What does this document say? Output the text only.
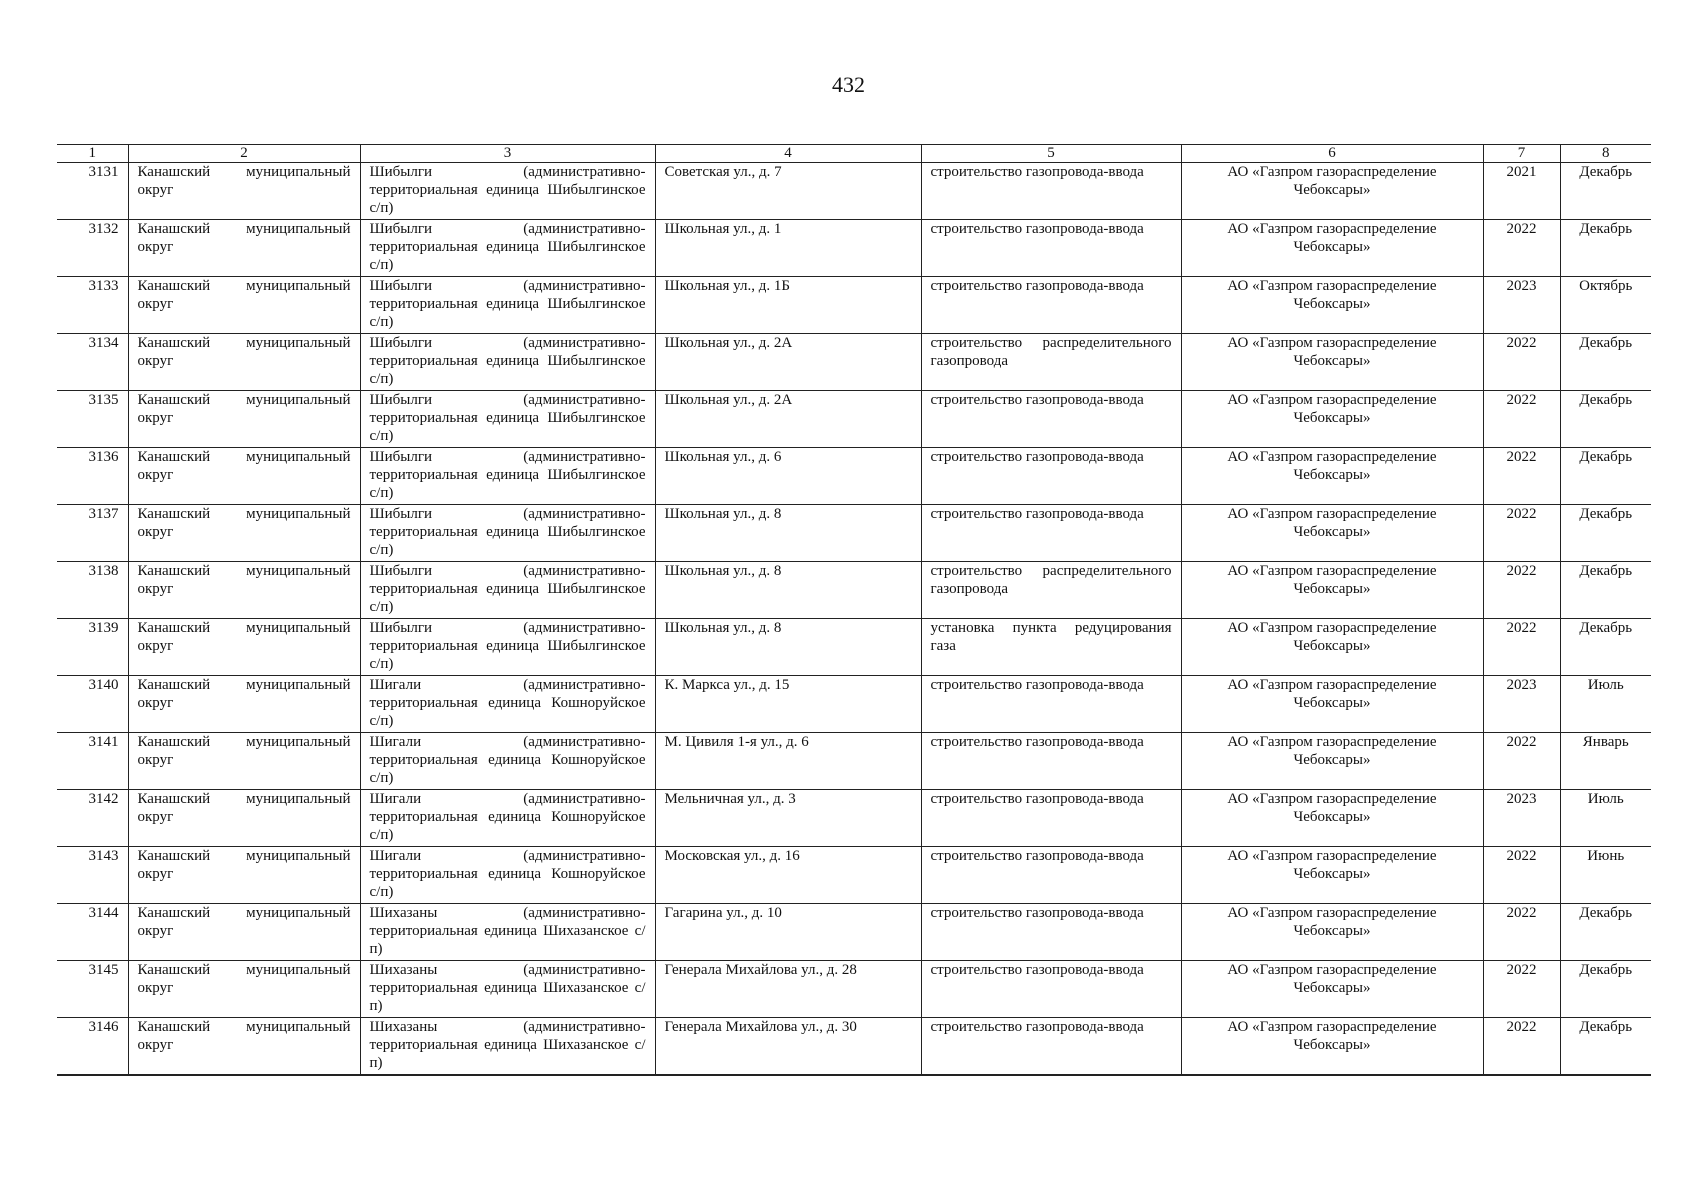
432
1	2	3	4	5	6	7	8
3131	Канашский муниципальный округ	Шибылги (административно-территориальная единица Шибылгинское с/п)	Советская ул., д. 7	строительство газопровода-ввода	АО «Газпром газораспределение Чебоксары»	2021	Декабрь
3132	Канашский муниципальный округ	Шибылги (административно-территориальная единица Шибылгинское с/п)	Школьная ул., д. 1	строительство газопровода-ввода	АО «Газпром газораспределение Чебоксары»	2022	Декабрь
3133	Канашский муниципальный округ	Шибылги (административно-территориальная единица Шибылгинское с/п)	Школьная ул., д. 1Б	строительство газопровода-ввода	АО «Газпром газораспределение Чебоксары»	2023	Октябрь
3134	Канашский муниципальный округ	Шибылги (административно-территориальная единица Шибылгинское с/п)	Школьная ул., д. 2А	строительство распределительного газопровода	АО «Газпром газораспределение Чебоксары»	2022	Декабрь
3135	Канашский муниципальный округ	Шибылги (административно-территориальная единица Шибылгинское с/п)	Школьная ул., д. 2А	строительство газопровода-ввода	АО «Газпром газораспределение Чебоксары»	2022	Декабрь
3136	Канашский муниципальный округ	Шибылги (административно-территориальная единица Шибылгинское с/п)	Школьная ул., д. 6	строительство газопровода-ввода	АО «Газпром газораспределение Чебоксары»	2022	Декабрь
3137	Канашский муниципальный округ	Шибылги (административно-территориальная единица Шибылгинское с/п)	Школьная ул., д. 8	строительство газопровода-ввода	АО «Газпром газораспределение Чебоксары»	2022	Декабрь
3138	Канашский муниципальный округ	Шибылги (административно-территориальная единица Шибылгинское с/п)	Школьная ул., д. 8	строительство распределительного газопровода	АО «Газпром газораспределение Чебоксары»	2022	Декабрь
3139	Канашский муниципальный округ	Шибылги (административно-территориальная единица Шибылгинское с/п)	Школьная ул., д. 8	установка пункта редуцирования газа	АО «Газпром газораспределение Чебоксары»	2022	Декабрь
3140	Канашский муниципальный округ	Шигали (административно-территориальная единица Кошноруйское с/п)	К. Маркса ул., д. 15	строительство газопровода-ввода	АО «Газпром газораспределение Чебоксары»	2023	Июль
3141	Канашский муниципальный округ	Шигали (административно-территориальная единица Кошноруйское с/п)	М. Цивиля 1-я ул., д. 6	строительство газопровода-ввода	АО «Газпром газораспределение Чебоксары»	2022	Январь
3142	Канашский муниципальный округ	Шигали (административно-территориальная единица Кошноруйское с/п)	Мельничная ул., д. 3	строительство газопровода-ввода	АО «Газпром газораспределение Чебоксары»	2023	Июль
3143	Канашский муниципальный округ	Шигали (административно-территориальная единица Кошноруйское с/п)	Московская ул., д. 16	строительство газопровода-ввода	АО «Газпром газораспределение Чебоксары»	2022	Июнь
3144	Канашский муниципальный округ	Шихазаны (административно-территориальная единица Шихазанское с/п)	Гагарина ул., д. 10	строительство газопровода-ввода	АО «Газпром газораспределение Чебоксары»	2022	Декабрь
3145	Канашский муниципальный округ	Шихазаны (административно-территориальная единица Шихазанское с/п)	Генерала Михайлова ул., д. 28	строительство газопровода-ввода	АО «Газпром газораспределение Чебоксары»	2022	Декабрь
3146	Канашский муниципальный округ	Шихазаны (административно-территориальная единица Шихазанское с/п)	Генерала Михайлова ул., д. 30	строительство газопровода-ввода	АО «Газпром газораспределение Чебоксары»	2022	Декабрь
